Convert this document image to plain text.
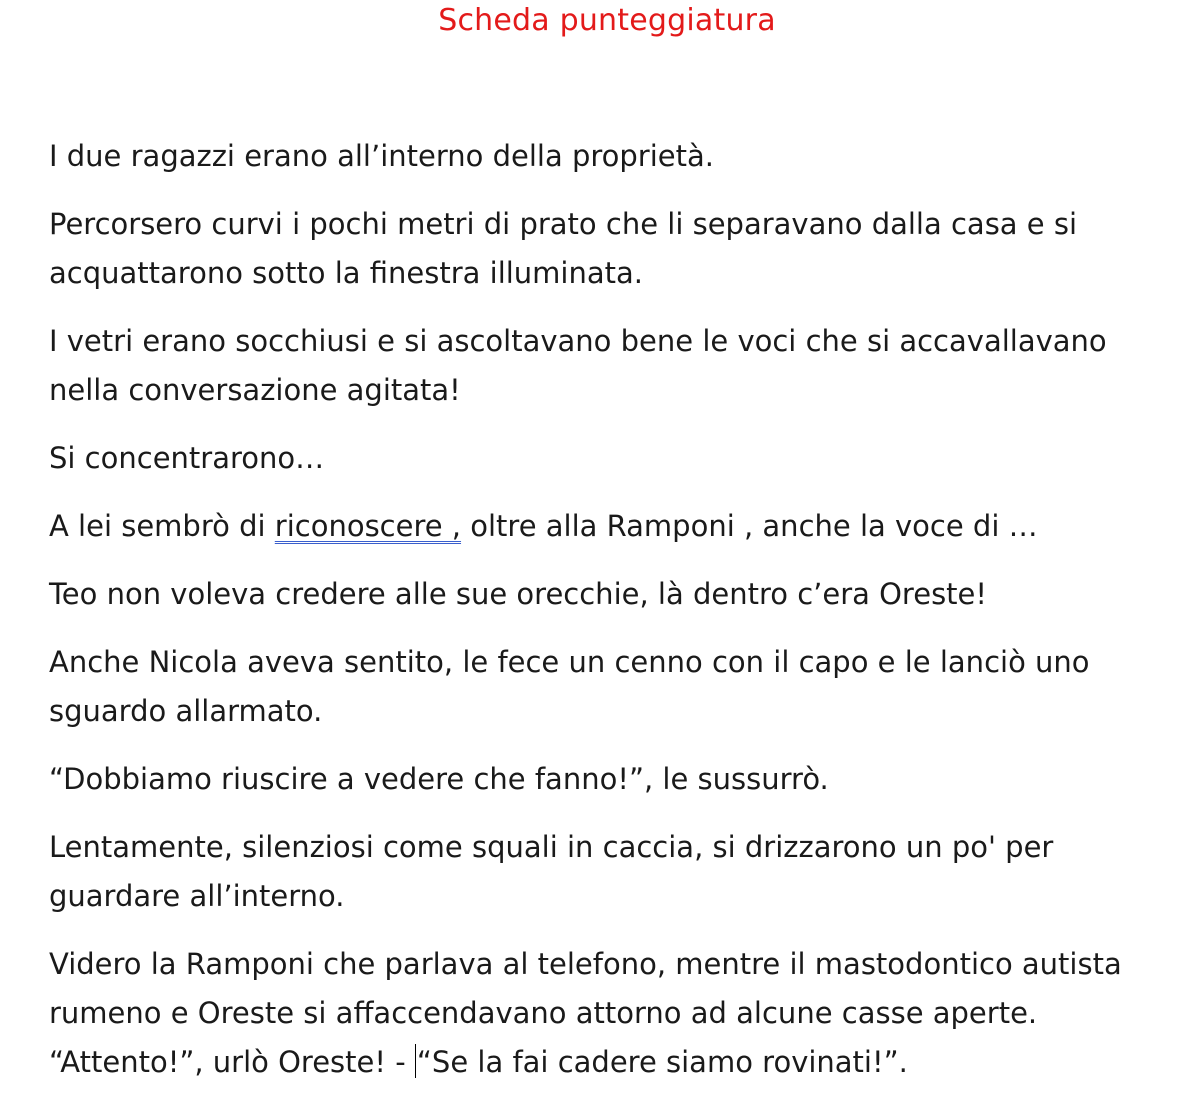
Scheda punteggiatura

I due ragazzi erano all’interno della proprietà.

Percorsero curvi i pochi metri di prato che li separavano dalla casa e si
acquattarono sotto la finestra illuminata.

I vetri erano socchiusi e si ascoltavano bene le voci che si accavallavano
nella conversazione agitata!

Si concentrarono…

A lei sembrò di riconoscere , oltre alla Ramponi , anche la voce di …

Teo non voleva credere alle sue orecchie, là dentro c’era Oreste!

Anche Nicola aveva sentito, le fece un cenno con il capo e le lanciò uno
sguardo allarmato.

“Dobbiamo riuscire a vedere che fanno!”, le sussurrò.

Lentamente, silenziosi come squali in caccia, si drizzarono un po' per
guardare all’interno.

Videro la Ramponi che parlava al telefono, mentre il mastodontico autista
rumeno e Oreste si affaccendavano attorno ad alcune casse aperte.
“Attento!”, urlò Oreste! - “Se la fai cadere siamo rovinati!”.
